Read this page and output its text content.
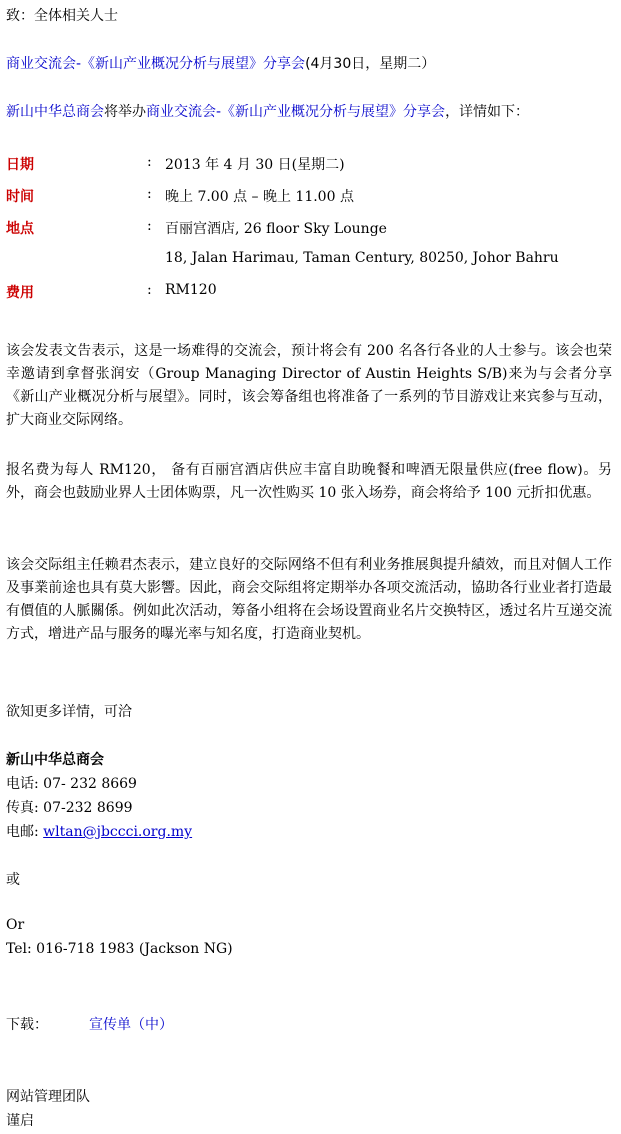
致：全体相关人士
商业交流会-《新山产业概况分析与展望》分享会(4月30日，星期二）
新山中华总商会将举办商业交流会-《新山产业概况分析与展望》分享会，详情如下：
日期	: 2013 年 4 月 30 日(星期二)
时间	: 晚上 7.00 点 – 晚上 11.00 点
地点	: 百丽宫酒店, 26 floor Sky Lounge
18, Jalan Harimau, Taman Century, 80250, Johor Bahru
费用	: RM120
该会发表文告表示，这是一场难得的交流会，预计将会有 200 名各行各业的人士参与。该会也荣幸邀请到拿督张润安（Group Managing Director of Austin Heights S/B)来为与会者分享《新山产业概况分析与展望》。同时，该会筹备组也将准备了一系列的节目游戏让来宾参与互动，扩大商业交际网络。
报名费为每人 RM120， 备有百丽宫酒店供应丰富自助晚餐和啤酒无限量供应(free flow)。另外，商会也鼓励业界人士团体购票，凡一次性购买 10 张入场券，商会将给予 100 元折扣优惠。
该会交际组主任赖君杰表示，建立良好的交际网络不但有利业务推展與提升績效，而且对個人工作及事業前途也具有莫大影響。因此，商会交际组将定期举办各项交流活动，協助各行业业者打造最有價值的人脈關係。例如此次活动，筹备小组将在会场设置商业名片交换特区，透过名片互递交流方式，增进产品与服务的曝光率与知名度，打造商业契机。
欲知更多详情，可洽
新山中华总商会
电话: 07- 232 8669
传真: 07-232 8699
电邮: wltan@jbccci.org.my
或
Or
Tel: 016-718 1983 (Jackson NG)
下载：	宣传单（中）
网站管理团队
谨启
